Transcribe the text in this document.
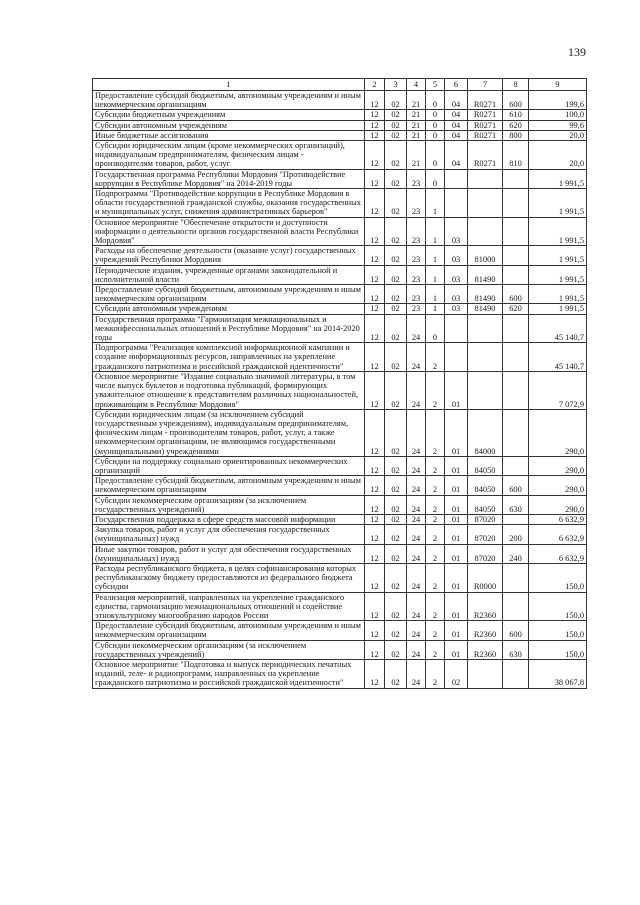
139
1	2	3	4	5	6	7	8	9
Предоставление субсидий бюджетным, автономным учреждениям и иным некоммерческим организациям	12	02	21	0	04	R0271	600	199,6
Субсидии бюджетным учреждениям	12	02	21	0	04	R0271	610	100,0
Субсидии автономным учреждениям	12	02	21	0	04	R0271	620	99,6
Иные бюджетные ассигнования	12	02	21	0	04	R0271	800	20,0
Субсидии юридическим лицам (кроме некоммерческих организаций), индивидуальным предпринимателям, физическим лицам - производителям товаров, работ, услуг	12	02	21	0	04	R0271	810	20,0
Государственная программа Республики Мордовия "Противодействие коррупции в Республике Мордовия" на 2014-2019 годы	12	02	23	0				1 991,5
Подпрограмма "Противодействие коррупции в Республике Мордовия в области государственной гражданской службы, оказания государственных и муниципальных услуг, снижения административных барьеров"	12	02	23	1				1 991,5
Основное мероприятие "Обеспечение открытости и доступности информации о деятельности органов государственной власти Республики Мордовия"	12	02	23	1	03			1 991,5
Расходы на обеспечение деятельности (оказание услуг) государственных учреждений Республики Мордовия	12	02	23	1	03	81000		1 991,5
Периодические издания, учрежденные органами законодательной и исполнительной власти	12	02	23	1	03	81490		1 991,5
Предоставление субсидий бюджетным, автономным учреждениям и иным некоммерческим организациям	12	02	23	1	03	81490	600	1 991,5
Субсидии автономным учреждениям	12	02	23	1	03	81490	620	1 991,5
Государственная программа "Гармонизация межнациональных и межконфессиональных отношений в Республике Мордовия" на 2014-2020 годы	12	02	24	0				45 140,7
Подпрограмма "Реализация комплексной информационной кампании и создание информационных ресурсов, направленных на укрепление гражданского патриотизма и российской гражданской идентичности"	12	02	24	2				45 140,7
Основное мероприятие "Издание социально значимой литературы, в том числе выпуск буклетов и подготовка публикаций, формирующих уважительное отношение к представителям различных национальностей, проживающим в Республике Мордовия"	12	02	24	2	01			7 072,9
Субсидии юридическим лицам (за исключением субсидий государственным учреждениям), индивидуальным предпринимателям, физическим лицам - производителям товаров, работ, услуг, а также некоммерческим организациям, не являющимся государственными (муниципальными) учреждениями	12	02	24	2	01	84000		290,0
Субсидии на поддержку социально ориентированных некоммерческих организаций	12	02	24	2	01	84050		290,0
Предоставление субсидий бюджетным, автономным учреждениям и иным некоммерческим организациям	12	02	24	2	01	84050	600	290,0
Субсидии некоммерческим организациям (за исключением государственных учреждений)	12	02	24	2	01	84050	630	290,0
Государственная поддержка в сфере средств массовой информации	12	02	24	2	01	87020		6 632,9
Закупка товаров, работ и услуг для обеспечения государственных (муниципальных) нужд	12	02	24	2	01	87020	200	6 632,9
Иные закупки товаров, работ и услуг для обеспечения государственных (муниципальных) нужд	12	02	24	2	01	87020	240	6 632,9
Расходы республиканского бюджета, в целях софинансирования которых республиканскому бюджету предоставляются из федерального бюджета субсидии	12	02	24	2	01	R0000		150,0
Реализация мероприятий, направленных на укрепление гражданского единства, гармонизацию межнациональных отношений и содействие этнокультурному многообразию народов России	12	02	24	2	01	R2360		150,0
Предоставление субсидий бюджетным, автономным учреждениям и иным некоммерческим организациям	12	02	24	2	01	R2360	600	150,0
Субсидии некоммерческим организациям (за исключением государственных учреждений)	12	02	24	2	01	R2360	630	150,0
Основное мероприятие "Подготовка и выпуск периодических печатных изданий, теле- и радиопрограмм, направленных на укрепление гражданского патриотизма и российской гражданской идентичности"	12	02	24	2	02			38 067,8
